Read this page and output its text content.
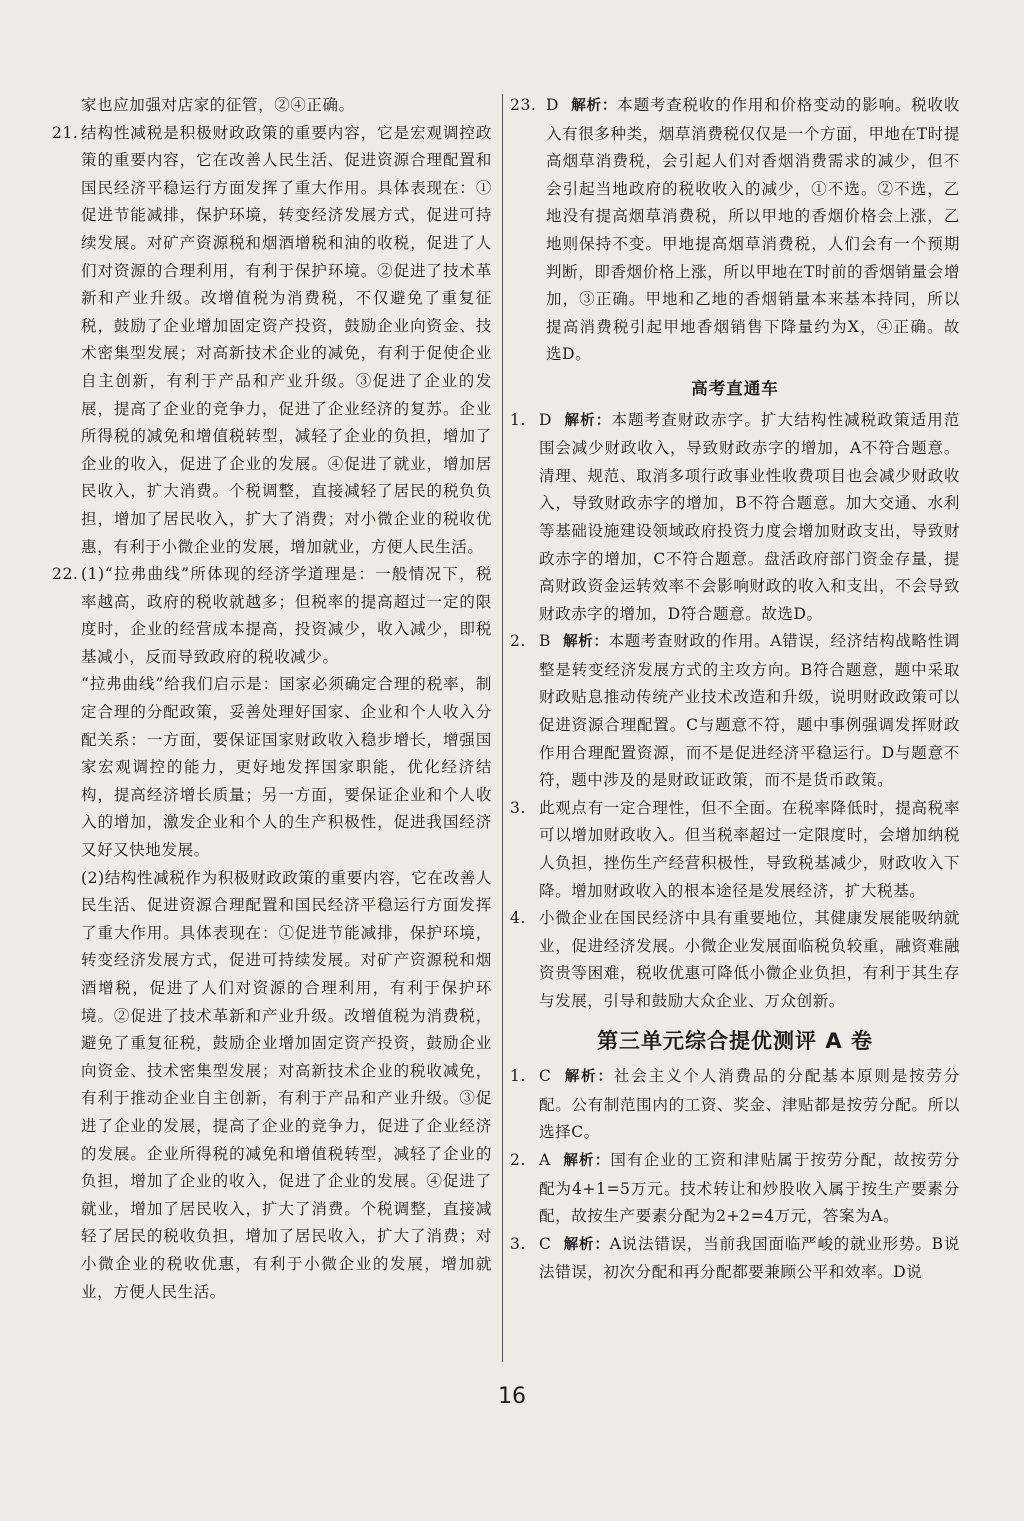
家也应加强对店家的征管，②④正确。

21. 结构性减税是积极财政政策的重要内容，它是宏观调控政策的重要内容，它在改善人民生活、促进资源合理配置和国民经济平稳运行方面发挥了重大作用。具体表现在：①促进节能减排，保护环境，转变经济发展方式，促进可持续发展。对矿产资源税和烟酒增税和油的收税，促进了人们对资源的合理利用，有利于保护环境。②促进了技术革新和产业升级。改增值税为消费税，不仅避免了重复征税，鼓励了企业增加固定资产投资，鼓励企业向资金、技术密集型发展；对高新技术企业的减免，有利于促使企业自主创新，有利于产品和产业升级。③促进了企业的发展，提高了企业的竞争力，促进了企业经济的复苏。企业所得税的减免和增值税转型，减轻了企业的负担，增加了企业的收入，促进了企业的发展。④促进了就业，增加居民收入，扩大消费。个税调整，直接减轻了居民的税负负担，增加了居民收入，扩大了消费；对小微企业的税收优惠，有利于小微企业的发展，增加就业，方便人民生活。
22. (1)“拉弗曲线”所体现的经济学道理是：一般情况下，税率越高，政府的税收就越多；但税率的提高超过一定的限度时，企业的经营成本提高，投资减少，收入减少，即税基减小，反而导致政府的税收减少。

“拉弗曲线”给我们启示是：国家必须确定合理的税率，制定合理的分配政策，妥善处理好国家、企业和个人收入分配关系：一方面，要保证国家财政收入稳步增长，增强国家宏观调控的能力，更好地发挥国家职能，优化经济结构，提高经济增长质量；另一方面，要保证企业和个人收入的增加，激发企业和个人的生产积极性，促进我国经济又好又快地发展。

(2)结构性减税作为积极财政政策的重要内容，它在改善人民生活、促进资源合理配置和国民经济平稳运行方面发挥了重大作用。具体表现在：①促进节能减排，保护环境，转变经济发展方式，促进可持续发展。对矿产资源税和烟酒增税，促进了人们对资源的合理利用，有利于保护环境。②促进了技术革新和产业升级。改增值税为消费税，避免了重复征税，鼓励企业增加固定资产投资，鼓励企业向资金、技术密集型发展；对高新技术企业的税收减免，有利于推动企业自主创新，有利于产品和产业升级。③促进了企业的发展，提高了企业的竞争力，促进了企业经济的发展。企业所得税的减免和增值税转型，减轻了企业的负担，增加了企业的收入，促进了企业的发展。④促进了就业，增加了居民收入，扩大了消费。个税调整，直接减轻了居民的税收负担，增加了居民收入，扩大了消费；对小微企业的税收优惠，有利于小微企业的发展，增加就业，方便人民生活。

23. D 解析：本题考查税收的作用和价格变动的影响。税收收入有很多种类，烟草消费税仅仅是一个方面，甲地在T时提高烟草消费税，会引起人们对香烟消费需求的减少，但不会引起当地政府的税收收入的减少，①不选。②不选，乙地没有提高烟草消费税，所以甲地的香烟价格会上涨，乙地则保持不变。甲地提高烟草消费税，人们会有一个预期判断，即香烟价格上涨，所以甲地在T时前的香烟销量会增加，③正确。甲地和乙地的香烟销量本来基本持同，所以提高消费税引起甲地香烟销售下降量约为X，④正确。故选D。
高考直通车
1. D 解析：本题考查财政赤字。扩大结构性减税政策适用范围会减少财政收入，导致财政赤字的增加，A不符合题意。清理、规范、取消多项行政事业性收费项目也会减少财政收入，导致财政赤字的增加，B不符合题意。加大交通、水利等基础设施建设领域政府投资力度会增加财政支出，导致财政赤字的增加，C不符合题意。盘活政府部门资金存量，提高财政资金运转效率不会影响财政的收入和支出，不会导致财政赤字的增加，D符合题意。故选D。
2. B 解析：本题考查财政的作用。A错误，经济结构战略性调整是转变经济发展方式的主攻方向。B符合题意，题中采取财政贴息推动传统产业技术改造和升级，说明财政政策可以促进资源合理配置。C与题意不符，题中事例强调发挥财政作用合理配置资源，而不是促进经济平稳运行。D与题意不符，题中涉及的是财政证政策，而不是货币政策。
3. 此观点有一定合理性，但不全面。在税率降低时，提高税率可以增加财政收入。但当税率超过一定限度时，会增加纳税人负担，挫伤生产经营积极性，导致税基减少，财政收入下降。增加财政收入的根本途径是发展经济，扩大税基。
4. 小微企业在国民经济中具有重要地位，其健康发展能吸纳就业，促进经济发展。小微企业发展面临税负较重，融资难融资贵等困难，税收优惠可降低小微企业负担，有利于其生存与发展，引导和鼓励大众企业、万众创新。
第三单元综合提优测评 A 卷
1. C 解析：社会主义个人消费品的分配基本原则是按劳分配。公有制范围内的工资、奖金、津贴都是按劳分配。所以选择C。
2. A 解析：国有企业的工资和津贴属于按劳分配，故按劳分配为4+1=5万元。技术转让和炒股收入属于按生产要素分配，故按生产要素分配为2+2=4万元，答案为A。
3. C 解析：A说法错误，当前我国面临严峻的就业形势。B说法错误，初次分配和再分配都要兼顾公平和效率。D说
16
